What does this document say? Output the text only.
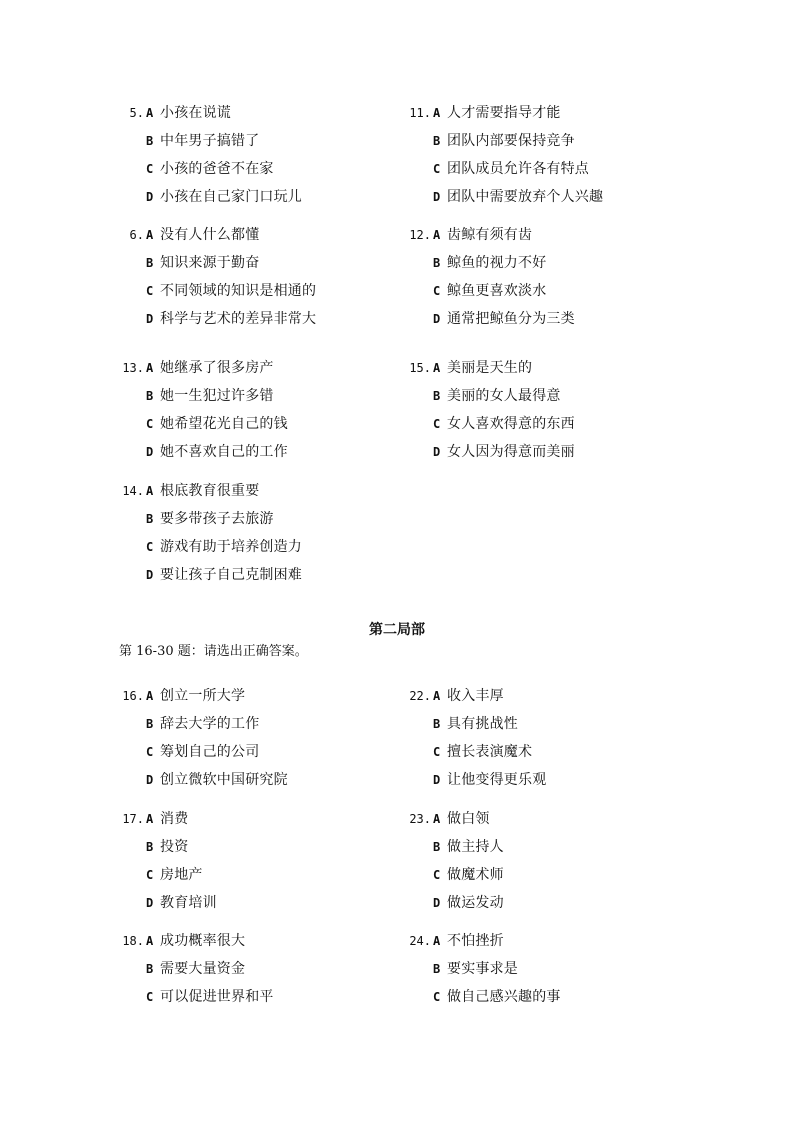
5. A 小孩在说谎
B 中年男子搞错了
C 小孩的爸爸不在家
D 小孩在自己家门口玩儿
11. A 人才需要指导才能
B 团队内部要保持竞争
C 团队成员允许各有特点
D 团队中需要放弃个人兴趣
6. A 没有人什么都懂
B 知识来源于勤奋
C 不同领域的知识是相通的
D 科学与艺术的差异非常大
12. A 齿鲸有须有齿
B 鲸鱼的视力不好
C 鲸鱼更喜欢淡水
D 通常把鲸鱼分为三类
13. A 她继承了很多房产
B 她一生犯过许多错
C 她希望花光自己的钱
D 她不喜欢自己的工作
15. A 美丽是天生的
B 美丽的女人最得意
C 女人喜欢得意的东西
D 女人因为得意而美丽
14. A 根底教育很重要
B 要多带孩子去旅游
C 游戏有助于培养创造力
D 要让孩子自己克制困难
第二局部
第 16-30 题：请选出正确答案。
16. A 创立一所大学
B 辞去大学的工作
C 筹划自己的公司
D 创立微软中国研究院
22. A 收入丰厚
B 具有挑战性
C 擅长表演魔术
D 让他变得更乐观
17. A 消费
B 投资
C 房地产
D 教育培训
23. A 做白领
B 做主持人
C 做魔术师
D 做运发动
18. A 成功概率很大
B 需要大量资金
C 可以促进世界和平
24. A 不怕挫折
B 要实事求是
C 做自己感兴趣的事
